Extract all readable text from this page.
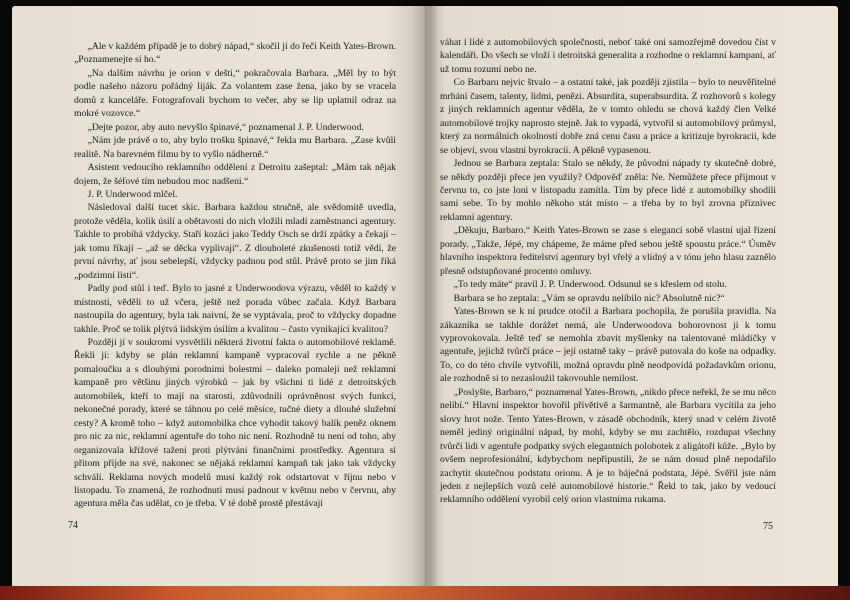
„Ale v každém případě je to dobrý nápad,“ skočil jí do řeči Keith Yates-Brown. „Poznamenejte si ho.“

„Na dalším návrhu je orion v dešti,“ pokračovala Barbara. „Měl by to být podle našeho názoru pořádný liják. Za volantem zase žena, jako by se vracela domů z kanceláře. Fotografovali bychom to večer, aby se lip uplatnil odraz na mokré vozovce.“

„Dejte pozor, aby auto nevyšlo špinavé,“ poznamenal J. P. Underwood.

„Nám jde právě o to, aby bylo trošku špinavé,“ řekla mu Barbara. „Zase kvůli realitě. Na barevném filmu by to vyšlo nádherně.“

Asistent vedoucího reklamního oddělení z Detroitu zašeptal: „Mám tak nějak dojem, že šéfové tím nebudou moc nadšeni.“

J. P. Underwood mlčel.

Následoval další tucet skic. Barbara každou stručně, ale svědomitě uvedla, protože věděla, kolik úsilí a obětavosti do nich vložili mladí zaměstnanci agentury. Takhle to probíhá vždycky. Staří kozáci jako Teddy Osch se drží zpátky a čekají – jak tomu říkají – „až se děcka vyplivají“. Z dlouholeté zkušenosti totiž vědí, že první návrhy, ať jsou sebelepší, vždycky padnou pod stůl. Právě proto se jim říká „podzimní listí“.

Padly pod stůl i teď. Bylo to jasné z Underwoodova výrazu, věděl to každý v místnosti, věděli to už včera, ještě než porada vůbec začala. Když Barbara nastoupila do agentury, byla tak naivní, že se vyptávala, proč to vždycky dopadne takhle. Proč se tolik plýtvá lidským úsilím a kvalitou – často vynikající kvalitou?

Později jí v soukromí vysvětlili některá životní fakta o automobilové reklamě. Řekli jí: kdyby se plán reklamní kampaně vypracoval rychle a ne pěkně pomaloučku a s dlouhými porodními bolestmi – daleko pomalejí než reklamní kampaně pro většinu jiných výrobků – jak by všichni ti lidé z detroitských automobilek, kteří to mají na starosti, zdůvodnili oprávněnost svých funkcí, nekonečné porady, které se táhnou po celé měsíce, tučné diety a dlouhé služební cesty? A kromě toho – když automobilka chce vyhodit takový balík peněz oknem pro nic za nic, reklamní agentuře do toho nic není. Rozhodně tu není od toho, aby organizovala křížové tažení proti plýtvání finančními prostředky. Agentura si přitom přijde na své, nakonec se nějaká reklamní kampaň tak jako tak vždycky schválí. Reklama nových modelů musí každý rok odstartovat v říjnu nebo v listopadu. To znamená, že rozhodnutí musí padnout v květnu nebo v červnu, aby agentura měla čas udělat, co je třeba. V té době prostě přestávají

74

váhat i lidé z automobilových společností, neboť také oni samozřejmě dovedou číst v kalendáři. Do všech se vloží i detroitská generalita a rozhodne o reklamní kampani, ať už tomu rozumí nebo ne.

Co Barbaru nejvíc štvalo – a ostatní také, jak později zjistila – bylo to neuvěřitelné mrhání časem, talenty, lidmi, penězi. Absurdita, superabsurdita. Z rozhovorů s kolegy z jiných reklamních agentur věděla, že v tomto ohledu se chová každý člen Velké automobilové trojky naprosto stejně. Jak to vypadá, vytvořil si automobilový průmysl, který za normálních okolností dobře zná cenu času a práce a kritizuje byrokracii, kde se objeví, svou vlastní byrokracii. A pěkně vypasenou.

Jednou se Barbara zeptala: Stalo se někdy, že původní nápady ty skutečně dobré, se někdy později přece jen využily? Odpověď zněla: Ne. Nemůžete přece přijmout v červnu to, co jste loni v listopadu zamítla. Tím by přece lidé z automobilky shodili sami sebe. To by mohlo někoho stát místo – a třeba by to byl zrovna příznivec reklamní agentury.

„Děkuju, Barbaro.“ Keith Yates-Brown se zase s elegancí sobě vlastní ujal řízení porady. „Takže, Jépé, my chápeme, že máme před sebou ještě spoustu práce.“ Úsměv hlavního inspektora ředitelství agentury byl vřelý a vlídný a v tónu jeho hlasu zaznělo přesně odstupňované procento omluvy.

„To tedy máte“ pravil J. P. Underwood. Odsunul se s křeslem od stolu.

Barbara se ho zeptala: „Vám se opravdu nelíbilo nic? Absolutně nic?“

Yates-Brown se k ní prudce otočil a Barbara pochopila, že porušila pravidla. Na zákazníka se takhle dorážet nemá, ale Underwoodova bohorovnost ji k tomu vyprovokovala. Ještě teď se nemohla zbavit myšlenky na talentované mládíčky v agentuře, jejichž tvůrčí práce – její ostatně taky – právě putovala do koše na odpadky. To, co do této chvíle vytvořili, možná opravdu plně neodpovídá požadavkům orionu, ale rozhodně si to nezasloužil takovouhle nemilost.

„Poslyšte, Barbaro,“ poznamenal Yates-Brown, „nikdo přece neřekl, že se mu něco nelíbí.“ Hlavní inspektor hovořil přívětivě a šarmantně, ale Barbara vycítila za jeho slovy hrot nože. Tento Yates-Brown, v zásadě obchodník, který snad v celém životě neměl jediný originální nápad, by mohl, kdyby se mu zachtělo, rozdupat všechny tvůrčí lidi v agentuře podpatky svých elegantních polobotek z aligátoří kůže. „Bylo by ovšem neprofesionální, kdybychom nepřipustili, že se nám dosud plně nepodařilo zachytit skutečnou podstatu orionu. A je to báječná podstata, Jépé. Svěřil jste nám jeden z nejlepších vozů celé automobilové historie.“ Řekl to tak, jako by vedoucí reklamního oddělení vyrobil celý orion vlastníma rukama.

75
